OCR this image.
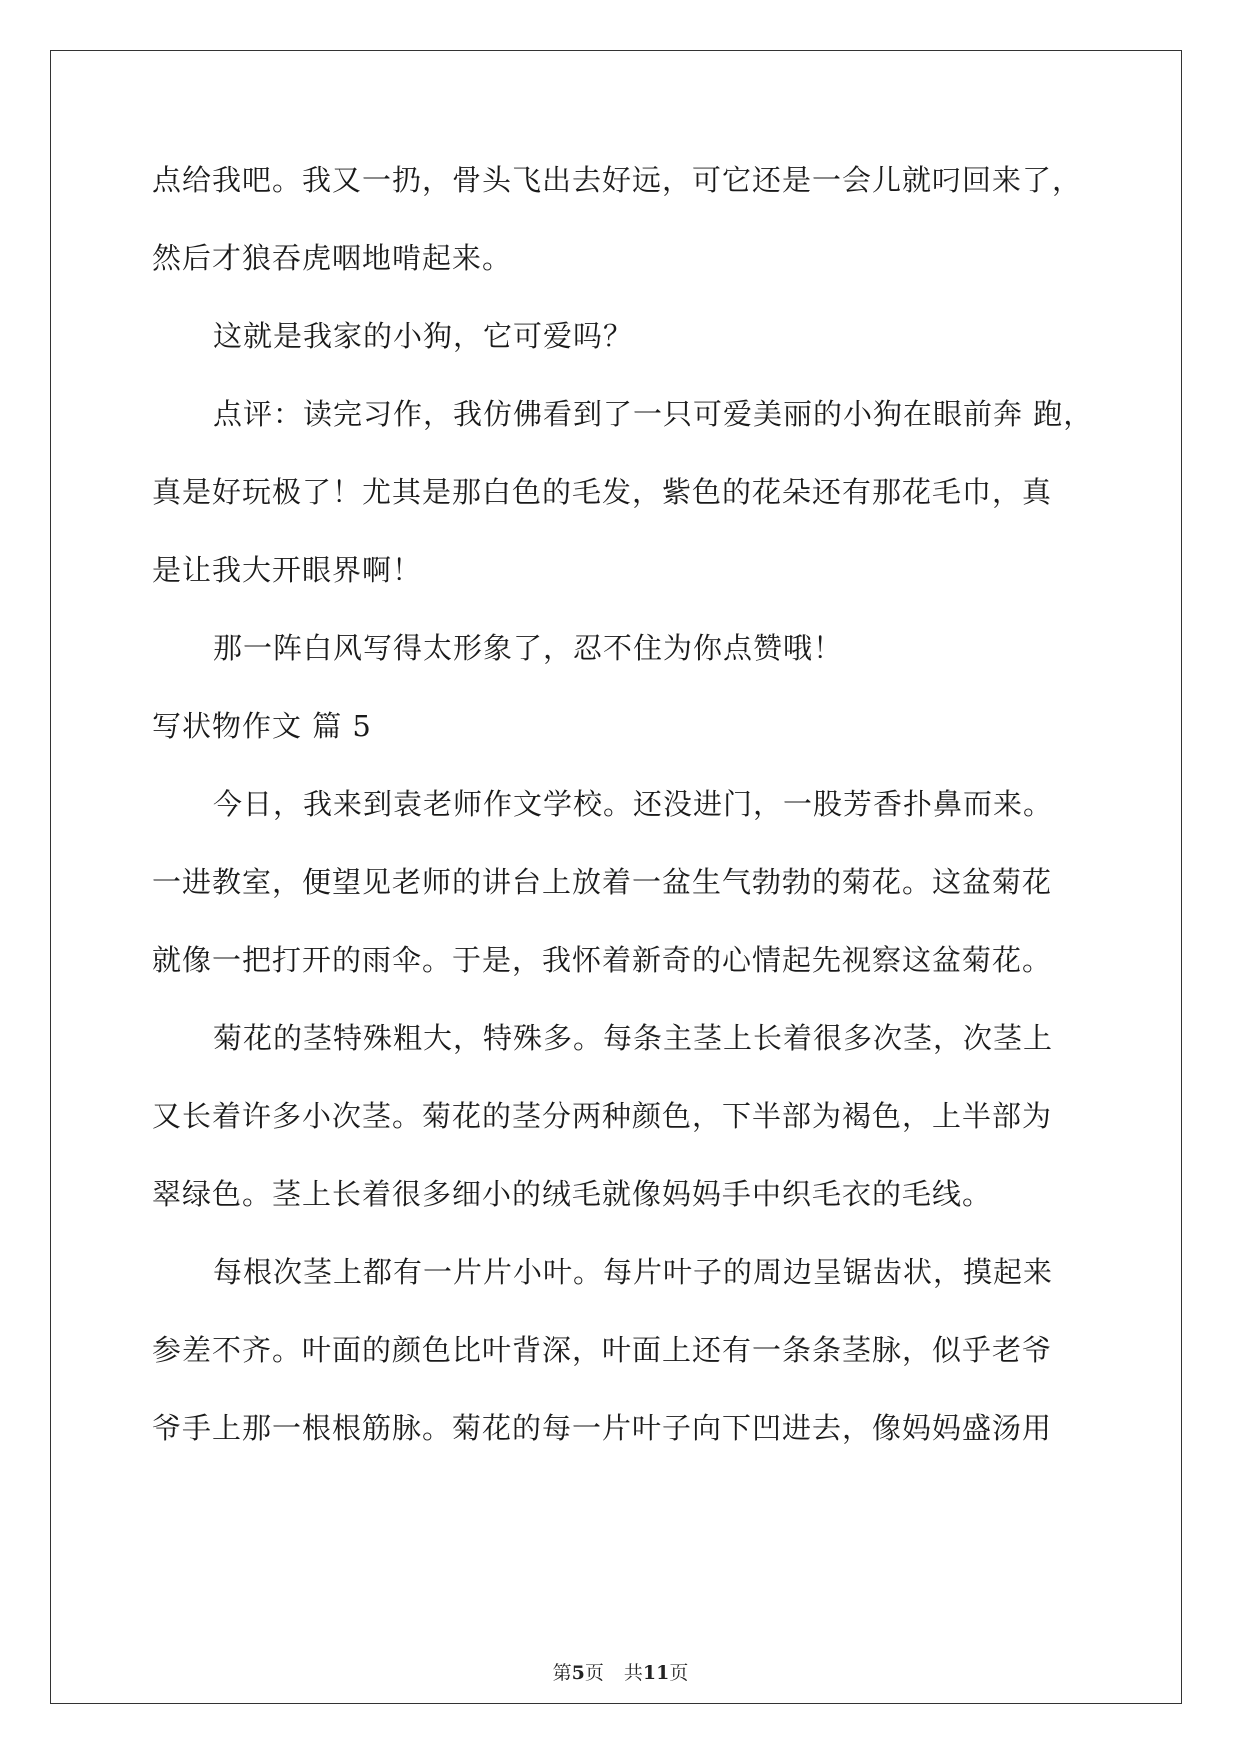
点给我吧。我又一扔，骨头飞出去好远，可它还是一会儿就叼回来了，
然后才狼吞虎咽地啃起来。
这就是我家的小狗，它可爱吗？
点评：读完习作，我仿佛看到了一只可爱美丽的小狗在眼前奔 跑，
真是好玩极了！尤其是那白色的毛发，紫色的花朵还有那花毛巾，真
是让我大开眼界啊！
那一阵白风写得太形象了，忍不住为你点赞哦！
写状物作文 篇 5
今日，我来到袁老师作文学校。还没进门，一股芳香扑鼻而来。
一进教室，便望见老师的讲台上放着一盆生气勃勃的菊花。这盆菊花
就像一把打开的雨伞。于是，我怀着新奇的心情起先视察这盆菊花。
菊花的茎特殊粗大，特殊多。每条主茎上长着很多次茎，次茎上
又长着许多小次茎。菊花的茎分两种颜色，下半部为褐色，上半部为
翠绿色。茎上长着很多细小的绒毛就像妈妈手中织毛衣的毛线。
每根次茎上都有一片片小叶。每片叶子的周边呈锯齿状，摸起来
参差不齐。叶面的颜色比叶背深，叶面上还有一条条茎脉，似乎老爷
爷手上那一根根筋脉。菊花的每一片叶子向下凹进去，像妈妈盛汤用
第5页 共11页
